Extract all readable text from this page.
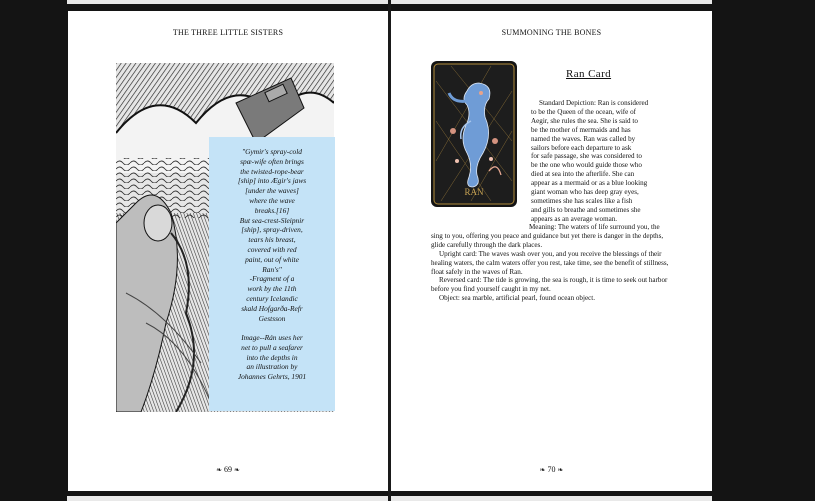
THE THREE LITTLE SISTERS

"Gymir's spray-cold

spæ-wife often brings

the twisted-rope-bear

[ship] into Ægir's jaws

[under the waves]

where the wave

breaks.[16]

But sea-crest-Sleipnir

[ship], spray-driven,

tears his breast,

covered with red

paint, out of white

Ran's"

-Fragment of a

work by the 11th

century Icelandic

skald Hofgarða-Refr

Gestsson

Image--Rán uses her

net to pull a seafarer

into the depths in

an illustration by

Johannes Gehrts, 1901

❧ 69 ❧
SUMMONING THE BONES
RAN
Ran Card

Standard Depiction: Ran is considered

to be the Queen of the ocean, wife of

Aegir, she rules the sea. She is said to

be the mother of mermaids and has

named the waves. Ran was called by

sailors before each departure to ask

for safe passage, she was considered to

be the one who would guide those who

died at sea into the afterlife. She can

appear as a mermaid or as a blue looking

giant woman who has deep gray eyes,

sometimes she has scales like a fish

and gills to breathe and sometimes she

appears as an average woman.

Meaning: The waters of life surround you, the sing to you, offering you peace and guidance but yet there is danger in the depths, glide carefully through the dark places.

Upright card: The waves wash over you, and you receive the blessings of their healing waters, the calm waters offer you rest, take time, see the benefit of stillness, float safely in the waves of Ran.

Reversed card: The tide is growing, the sea is rough, it is time to seek out harbor before you find yourself caught in my net.

Object: sea marble, artificial pearl, found ocean object.

❧ 70 ❧
